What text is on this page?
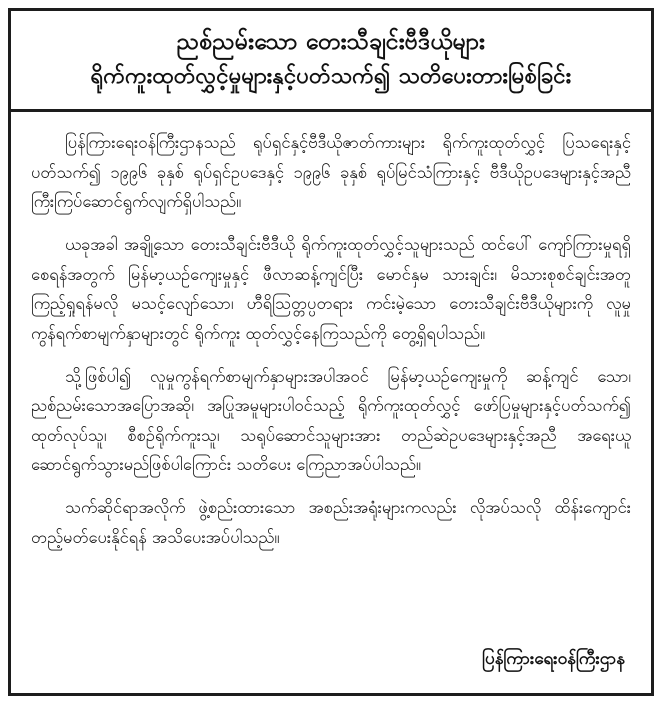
ညစ်ညမ်းသော တေးသီချင်းဗီဒီယိုများ
ရိုက်ကူးထုတ်လွှင့်မှုများနှင့်ပတ်သက်၍ သတိပေးတားမြစ်ခြင်း

ပြန်ကြားရေးဝန်ကြီးဌာနသည် ရုပ်ရှင်နှင့်ဗီဒီယိုဇာတ်ကားများ ရိုက်ကူးထုတ်လွှင့် ပြသရေးနှင့် ပတ်သက်၍ ၁၉၉၆ ခုနှစ် ရုပ်ရှင်ဥပဒေနှင့် ၁၉၉၆ ခုနှစ် ရုပ်မြင်သံကြားနှင့် ဗီဒီယိုဥပဒေများနှင့်အညီ ကြီးကြပ်ဆောင်ရွက်လျက်ရှိပါသည်။

ယခုအခါ အချို့သော တေးသီချင်းဗီဒီယို ရိုက်ကူးထုတ်လွှင့်သူများသည် ထင်ပေါ် ကျော်ကြားမှုရရှိစေရန်အတွက် မြန်မာ့ယဉ်ကျေးမှုနှင့် ဖီလာဆန့်ကျင်ပြီး မောင်နှမ သားချင်း၊ မိသားစုစင်ချင်းအတူ ကြည့်ရှုရန်မလို မသင့်လျော်သော၊ ဟီရိဩတ္တပ္ပတရား ကင်းမဲ့သော တေးသီချင်းဗီဒီယိုများကို လူမှုကွန်ရက်စာမျက်နှာများတွင် ရိုက်ကူး ထုတ်လွှင့်နေကြသည်ကို တွေ့ရှိရပါသည်။

သို့ဖြစ်ပါ၍ လူမှုကွန်ရက်စာမျက်နှာများအပါအဝင် မြန်မာ့ယဉ်ကျေးမှုကို ဆန့်ကျင် သော၊ ညစ်ညမ်းသောအပြောအဆို၊ အပြုအမူများပါဝင်သည့် ရိုက်ကူးထုတ်လွှင့် ဖော်ပြမှုများနှင့်ပတ်သက်၍ ထုတ်လုပ်သူ၊ စီစဉ်ရိုက်ကူးသူ၊ သရုပ်ဆောင်သူများအား တည်ဆဲဥပဒေများနှင့်အညီ အရေးယူဆောင်ရွက်သွားမည်ဖြစ်ပါကြောင်း သတိပေး ကြေညာအပ်ပါသည်။

သက်ဆိုင်ရာအလိုက် ဖွဲ့စည်းထားသော အစည်းအရုံးများကလည်း လိုအပ်သလို ထိန်းကျောင်း တည့်မတ်ပေးနိုင်ရန် အသိပေးအပ်ပါသည်။

ပြန်ကြားရေးဝန်ကြီးဌာန
